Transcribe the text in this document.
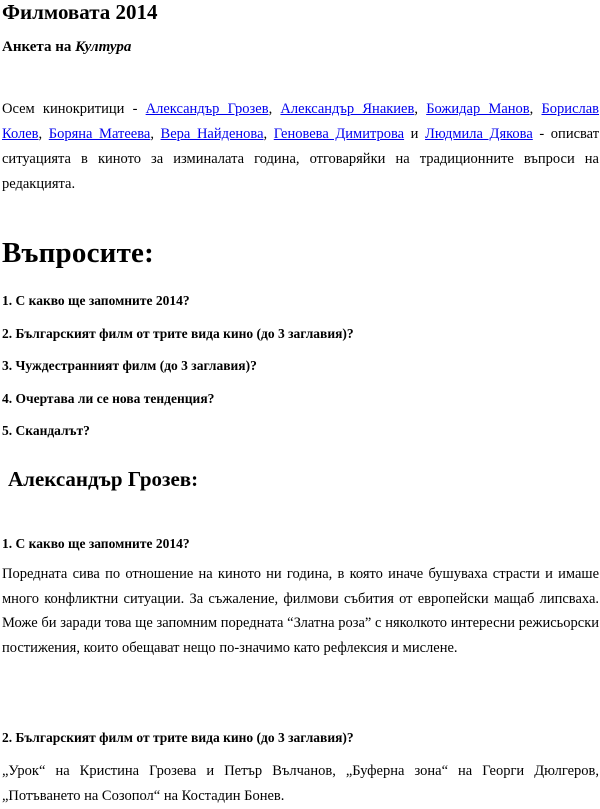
Филмовата 2014
Анкета на Култура

Осем кинокритици - Александър Грозев, Александър Янакиев, Божидар Манов, Борислав Колев, Боряна Матеева, Вера Найденова, Геновева Димитрова и Людмила Дякова - описват ситуацията в киното за изминалата година, отговаряйки на традиционните въпроси на редакцията.

Въпросите:
1. С какво ще запомните 2014?
2. Българският филм от трите вида кино (до 3 заглавия)?
3. Чуждестранният филм (до 3 заглавия)?
4. Очертава ли се нова тенденция?
5. Скандалът?
Александър Грозев:
1. С какво ще запомните 2014?

Поредната сива по отношение на киното ни година, в която иначе бушуваха страсти и имаше много конфликтни ситуации. За съжаление, филмови събития от европейски мащаб липсваха. Може би заради това ще запомним поредната “Златна роза” с няколкото интересни режисьорски постижения, които обещават нещо по-значимо като рефлексия и мислене.

2. Българският филм от трите вида кино (до 3 заглавия)?

„Урок“ на Кристина Грозева и Петър Вълчанов, „Буферна зона“ на Георги Дюлгеров, „Потъването на Созопол“ на Костадин Бонев.
